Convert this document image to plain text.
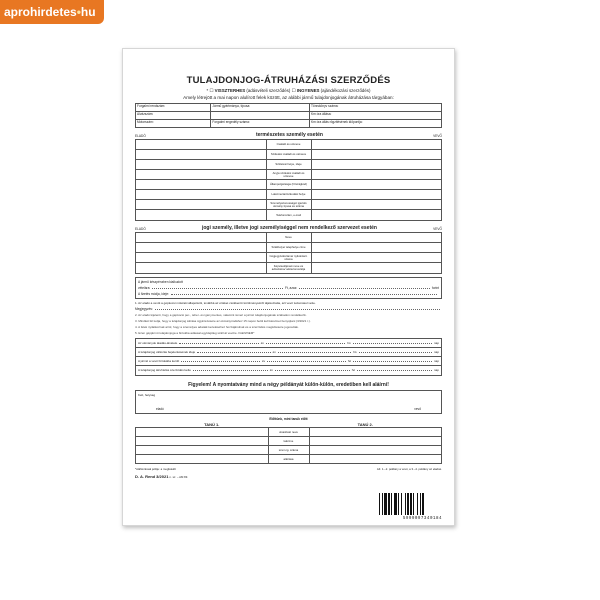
aprohirdetes • hu
TULAJDONJOG-ÁTRUHÁZÁSI SZERZŐDÉS
* ☐ VISSZTERHES (adásvételi szerződés) ☐ INGYENES (ajándékozási szerződés)
Amely létrejött a mai napon alulírott felek között, az alábbi jármű tulajdonjogának átruházása tárgyában:
Forgalmi rendszám:	Jármű gyártmánya, típusa:	Törzskönyv száma:
Alvázszám:		Km óra állása:
Motorszám:	Forgalmi engedély száma:	Km óra állás rögzítésének időpontja:
ELADÓ	természetes személy esetén	VEVŐ
Családi és utóneve
Születési családi és utóneve
Születési helye, ideje
Anyja születési családi és utóneve
Állampolgársága (Országkód)
Lakcíme/tartózkodási helye
Személyazonosságot igazoló okmány típusa és száma
Telefonszám, e-mail
ELADÓ	jogi személy, illetve jogi személyiséggel nem rendelkező szervezet esetén	VEVŐ
Neve
Székhelye/ telephelye címe
Cégjegyzékszáma/ nyilvántart. száma
Képviselőjének neve és adószáma/ adóazonosítója
A jármű készpénzben kialkudott
vételára:	Ft, azaz:	forint
A fizetés módja, ideje:
1. Az eladó a vevőt a gépkocsi műszaki állapotáról, továbbá az értéket csökkentő körülményekről tájékoztatta, azt vevő tudomásul vette.
Megjegyzés:
2. Az eladó kijelenti, hogy a gépkocsi per-, teher- és igénymentes, valamint ismeri a jármű tulajdonjogának szabadon rendelkezik.
3. Mindkét fél tudja, hogy a tulajdonjog átírása ügyintézésére az okmányirodához 15 napon belül kell kérelmet benyújtani (3/2021 r.).
4. A felek nyilatkoznak arról, hogy a személyes adataik kezeléséhez hozzájárulnak és a szerződés megkötésére jogosultak.
5. Ezen gépjármű tulajdonjoga a birtokba adással egyidejűleg száll át vevőre. IGEN/NEM*
Az okmányok átadás-átvétele	év	hó	nap
A tulajdonjog változás bejelentésének ideje	év	hó	nap
A jármű a vevő birtokába került	év	hó	nap
A tulajdonjog átruházás szerződés kelte	év	hó	nap
Figyelem! A nyomtatvány mind a négy példányát külön-külön, eredetiben kell aláírni!
Kelt, helység
eladó	vevő
Előttünk, mint tanúk előtt
TANÚ 1.	TANÚ 2.
olvasható neve
lakcíme
szem.ig. száma
aláírása
*Aláhúzással jelölje: a megfelelőt	A4: 1.–2. példány a vevő, a 3.–4. példány az eladóé.
D. A. Rend 3/2021 n. sz. – AM 83.
5999097340184
